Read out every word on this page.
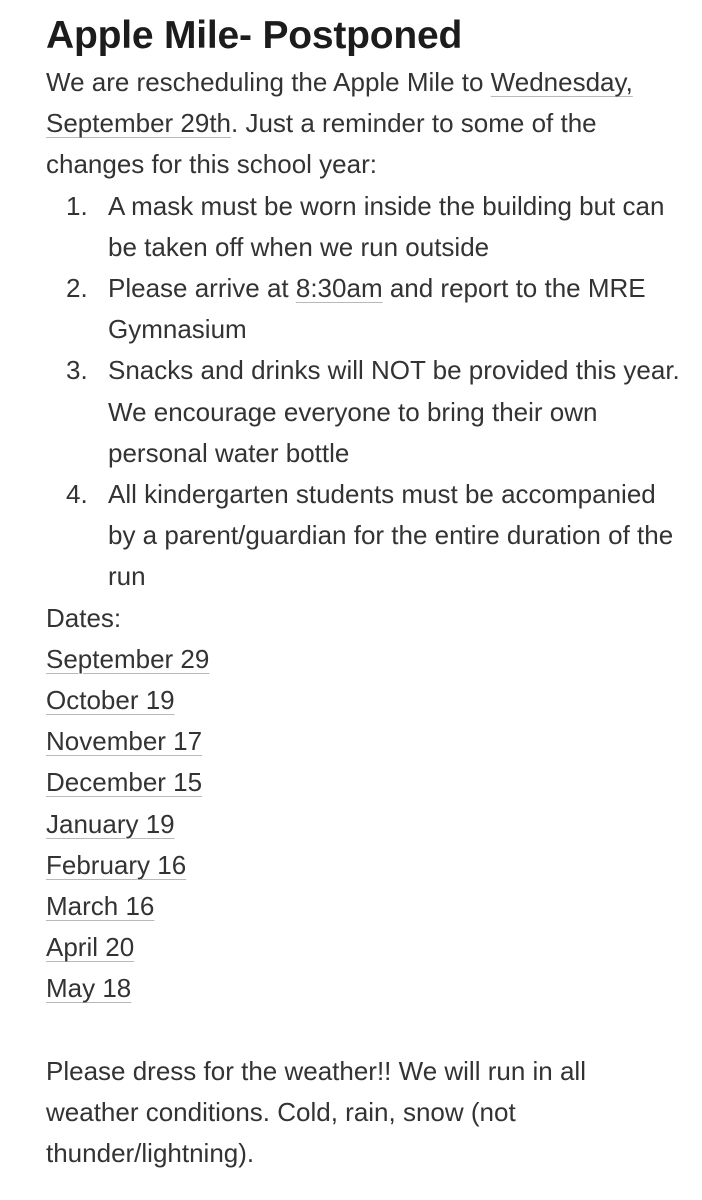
Apple Mile- Postponed

We are rescheduling the Apple Mile to Wednesday, September 29th. Just a reminder to some of the changes for this school year:

1. A mask must be worn inside the building but can be taken off when we run outside
2. Please arrive at 8:30am and report to the MRE Gymnasium
3. Snacks and drinks will NOT be provided this year. We encourage everyone to bring their own personal water bottle
4. All kindergarten students must be accompanied by a parent/guardian for the entire duration of the run

Dates:

September 29
October 19
November 17
December 15
January 19
February 16
March 16
April 20
May 18

Please dress for the weather!! We will run in all weather conditions. Cold, rain, snow (not thunder/lightning).
